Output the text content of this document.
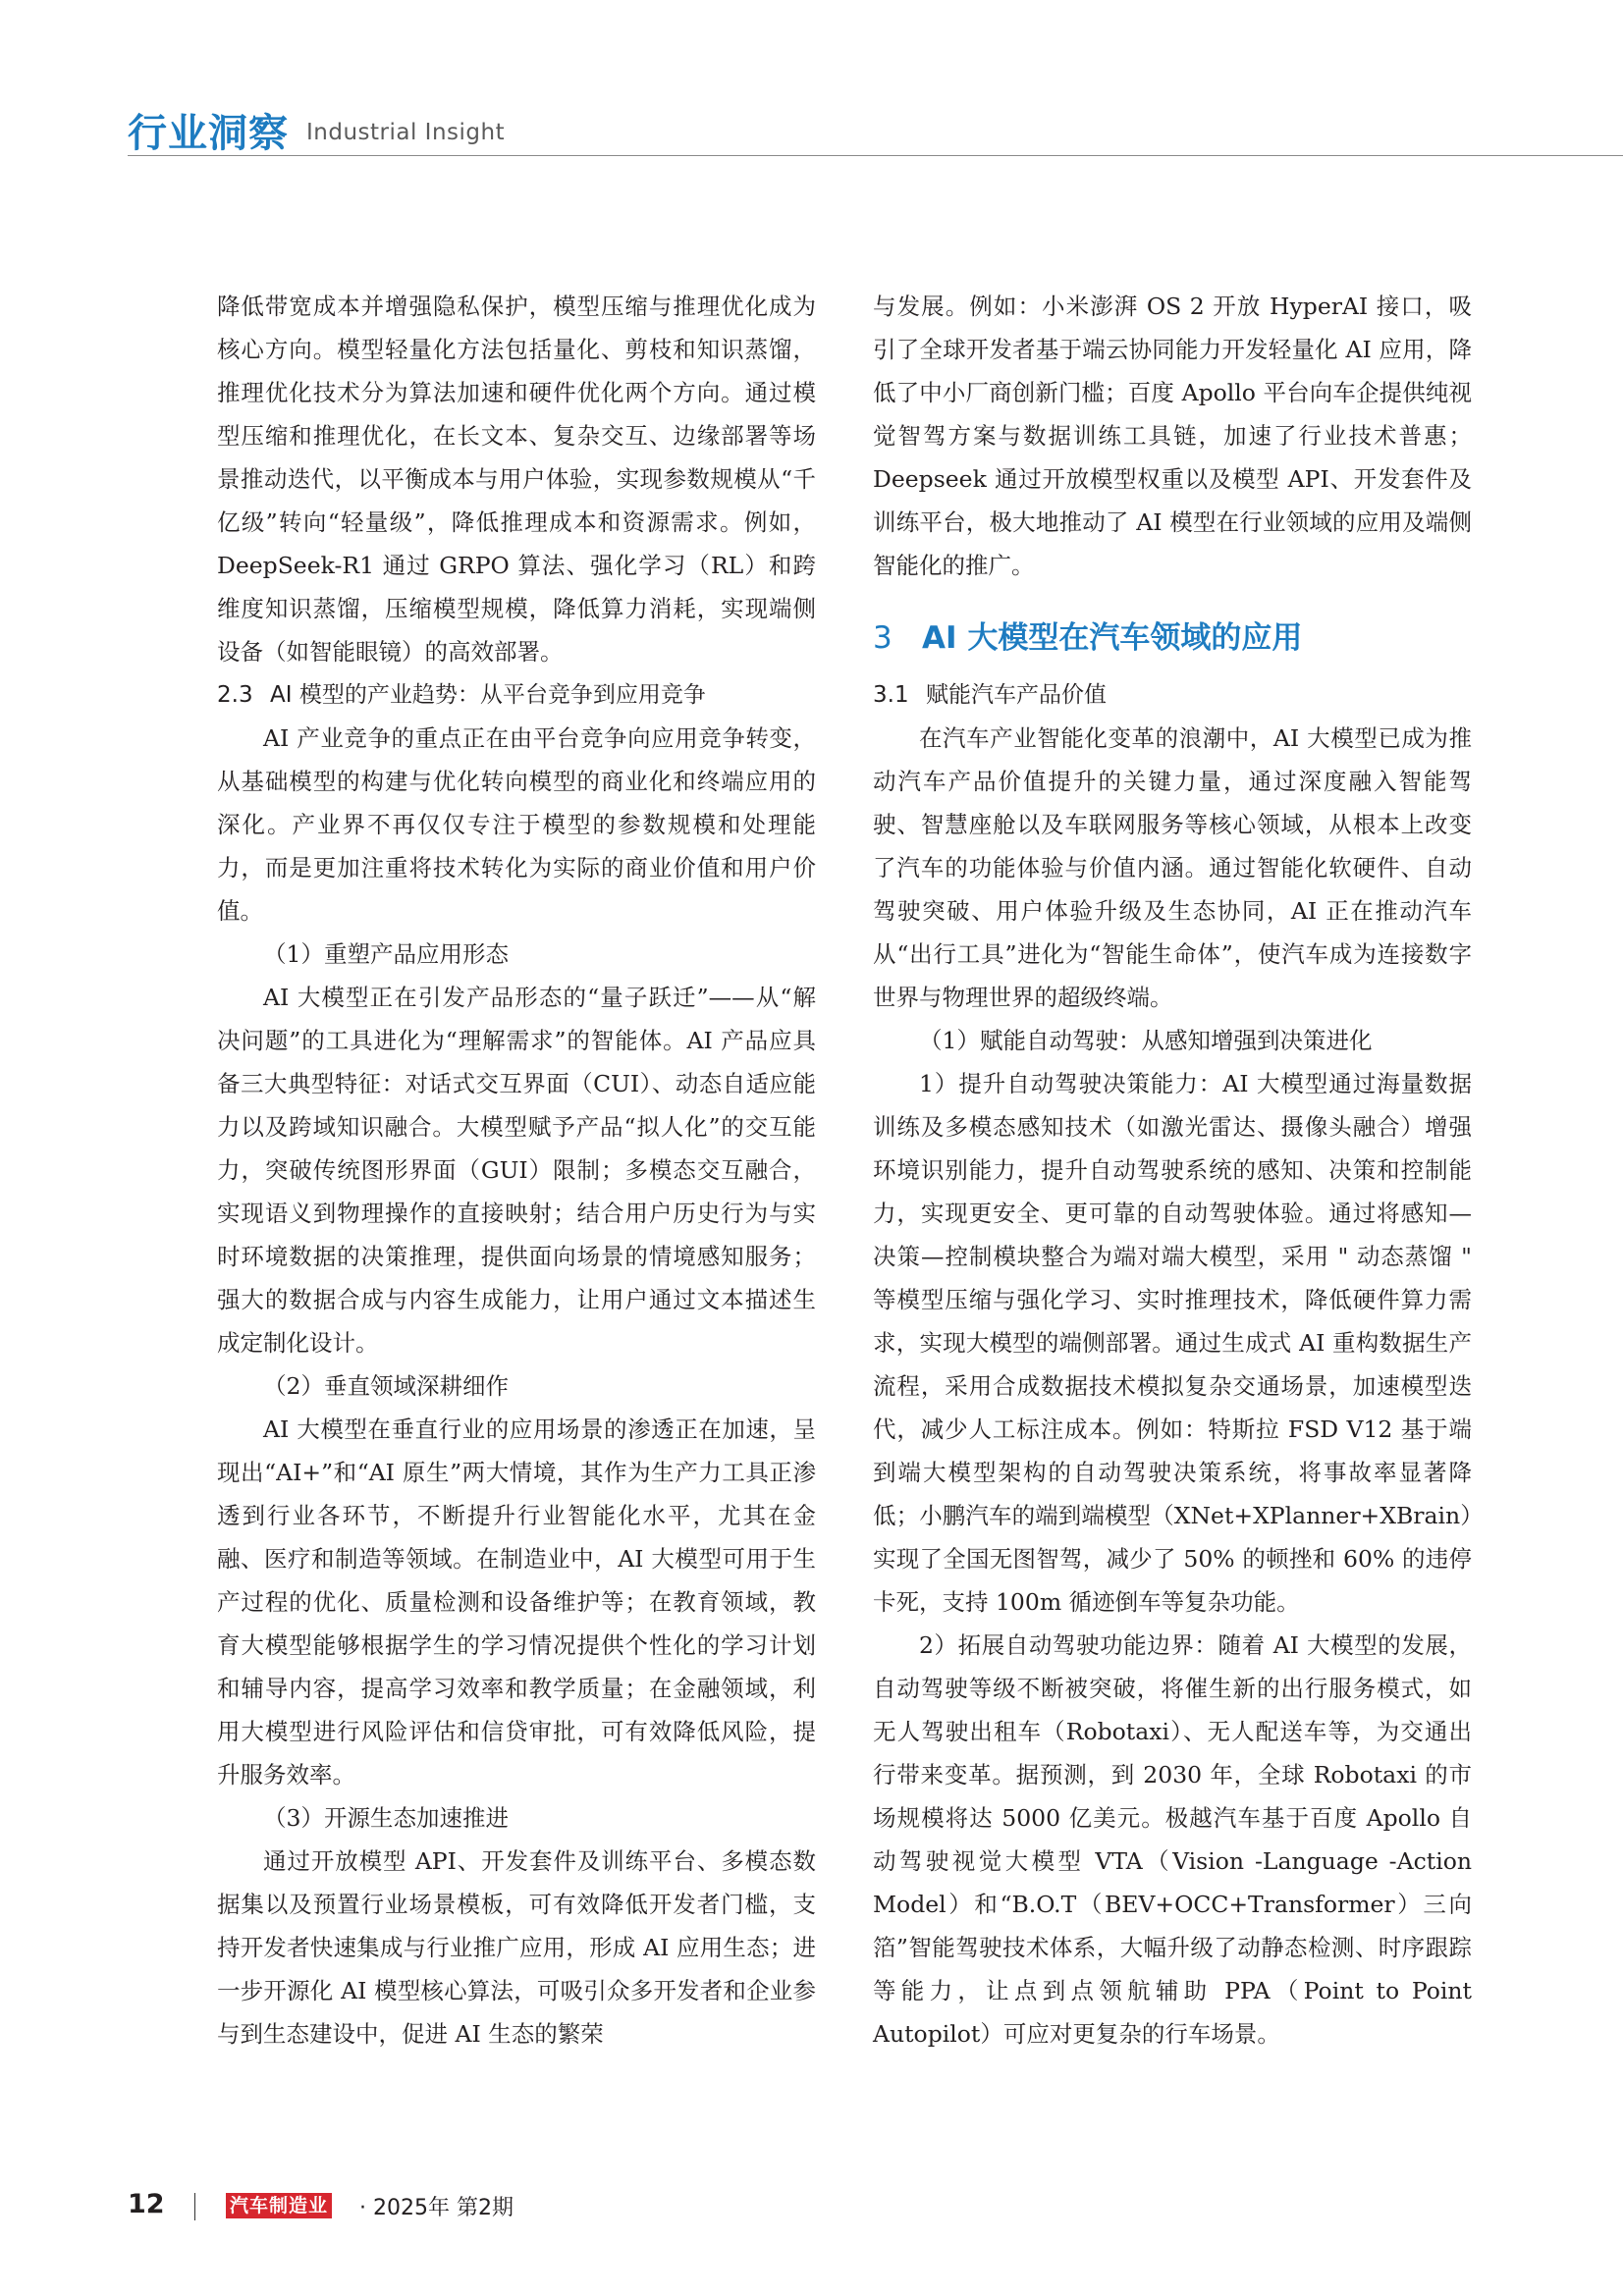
行业洞察 Industrial Insight

降低带宽成本并增强隐私保护，模型压缩与推理优化成为核心方向。模型轻量化方法包括量化、剪枝和知识蒸馏，推理优化技术分为算法加速和硬件优化两个方向。通过模型压缩和推理优化，在长文本、复杂交互、边缘部署等场景推动迭代，以平衡成本与用户体验，实现参数规模从“千亿级”转向“轻量级”，降低推理成本和资源需求。例如，DeepSeek-R1 通过 GRPO 算法、强化学习（RL）和跨维度知识蒸馏，压缩模型规模，降低算力消耗，实现端侧设备（如智能眼镜）的高效部署。

2.3 AI 模型的产业趋势：从平台竞争到应用竞争

AI 产业竞争的重点正在由平台竞争向应用竞争转变，从基础模型的构建与优化转向模型的商业化和终端应用的深化。产业界不再仅仅专注于模型的参数规模和处理能力，而是更加注重将技术转化为实际的商业价值和用户价值。

（1）重塑产品应用形态

AI 大模型正在引发产品形态的“量子跃迁”——从“解决问题”的工具进化为“理解需求”的智能体。AI 产品应具备三大典型特征：对话式交互界面（CUI）、动态自适应能力以及跨域知识融合。大模型赋予产品“拟人化”的交互能力，突破传统图形界面（GUI）限制；多模态交互融合，实现语义到物理操作的直接映射；结合用户历史行为与实时环境数据的决策推理，提供面向场景的情境感知服务；强大的数据合成与内容生成能力，让用户通过文本描述生成定制化设计。

（2）垂直领域深耕细作

AI 大模型在垂直行业的应用场景的渗透正在加速，呈现出“AI+”和“AI 原生”两大情境，其作为生产力工具正渗透到行业各环节，不断提升行业智能化水平，尤其在金融、医疗和制造等领域。在制造业中，AI 大模型可用于生产过程的优化、质量检测和设备维护等；在教育领域，教育大模型能够根据学生的学习情况提供个性化的学习计划和辅导内容，提高学习效率和教学质量；在金融领域，利用大模型进行风险评估和信贷审批，可有效降低风险，提升服务效率。

（3）开源生态加速推进

通过开放模型 API、开发套件及训练平台、多模态数据集以及预置行业场景模板，可有效降低开发者门槛，支持开发者快速集成与行业推广应用，形成 AI 应用生态；进一步开源化 AI 模型核心算法，可吸引众多开发者和企业参与到生态建设中，促进 AI 生态的繁荣

与发展。例如：小米澎湃 OS 2 开放 HyperAI 接口，吸引了全球开发者基于端云协同能力开发轻量化 AI 应用，降低了中小厂商创新门槛；百度 Apollo 平台向车企提供纯视觉智驾方案与数据训练工具链，加速了行业技术普惠；Deepseek 通过开放模型权重以及模型 API、开发套件及训练平台，极大地推动了 AI 模型在行业领域的应用及端侧智能化的推广。

3 AI 大模型在汽车领域的应用
3.1 赋能汽车产品价值

在汽车产业智能化变革的浪潮中，AI 大模型已成为推动汽车产品价值提升的关键力量，通过深度融入智能驾驶、智慧座舱以及车联网服务等核心领域，从根本上改变了汽车的功能体验与价值内涵。通过智能化软硬件、自动驾驶突破、用户体验升级及生态协同，AI 正在推动汽车从“出行工具”进化为“智能生命体”，使汽车成为连接数字世界与物理世界的超级终端。

（1）赋能自动驾驶：从感知增强到决策进化

1）提升自动驾驶决策能力：AI 大模型通过海量数据训练及多模态感知技术（如激光雷达、摄像头融合）增强环境识别能力，提升自动驾驶系统的感知、决策和控制能力，实现更安全、更可靠的自动驾驶体验。通过将感知—决策—控制模块整合为端对端大模型，采用 " 动态蒸馏 " 等模型压缩与强化学习、实时推理技术，降低硬件算力需求，实现大模型的端侧部署。通过生成式 AI 重构数据生产流程，采用合成数据技术模拟复杂交通场景，加速模型迭代，减少人工标注成本。例如：特斯拉 FSD V12 基于端到端大模型架构的自动驾驶决策系统，将事故率显著降低；小鹏汽车的端到端模型（XNet+XPlanner+XBrain）实现了全国无图智驾，减少了 50% 的顿挫和 60% 的违停卡死，支持 100m 循迹倒车等复杂功能。

2）拓展自动驾驶功能边界：随着 AI 大模型的发展，自动驾驶等级不断被突破，将催生新的出行服务模式，如无人驾驶出租车（Robotaxi）、无人配送车等，为交通出行带来变革。据预测，到 2030 年，全球 Robotaxi 的市场规模将达 5000 亿美元。极越汽车基于百度 Apollo 自动驾驶视觉大模型 VTA（Vision -Language -Action Model）和“B.O.T（BEV+OCC+Transformer）三向箔”智能驾驶技术体系，大幅升级了动静态检测、时序跟踪等能力，让点到点领航辅助 PPA（Point to Point Autopilot）可应对更复杂的行车场景。

12	汽车制造业 · 2025年 第2期
